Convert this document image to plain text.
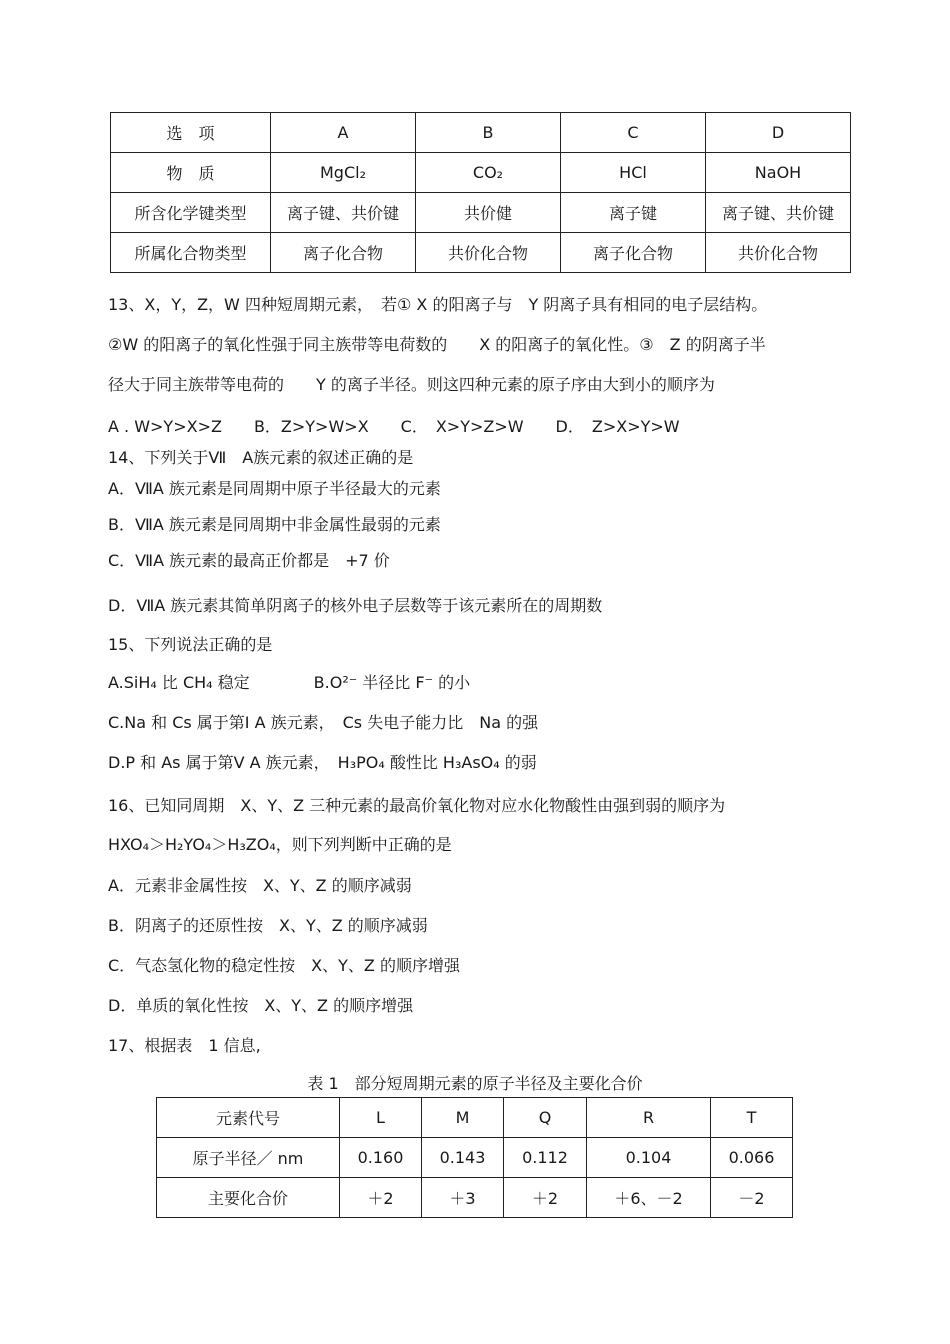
选　项	A	B	C	D
物　质	MgCl₂	CO₂	HCl	NaOH
所含化学键类型	离子键、共价键	共价健	离子键	离子键、共价键
所属化合物类型	离子化合物	共价化合物	离子化合物	共价化合物
13、X，Y，Z，W 四种短周期元素，　若① X 的阳离子与　Y 阴离子具有相同的电子层结构。
②W 的阳离子的氧化性强于同主族带等电荷数的　　X 的阳离子的氧化性。③　Z 的阴离子半
径大于同主族带等电荷的　　Y 的离子半径。则这四种元素的原子序由大到小的顺序为
A . W>Y>X>Z　　B．Z>Y>W>X　　C．　X>Y>Z>W　　D．　Z>X>Y>W
14、下列关于Ⅶ　A族元素的叙述正确的是
A．ⅦA 族元素是同周期中原子半径最大的元素
B．ⅦA 族元素是同周期中非金属性最弱的元素
C．ⅦA 族元素的最高正价都是　+7 价
D．ⅦA 族元素其简单阴离子的核外电子层数等于该元素所在的周期数
15、下列说法正确的是
A.SiH₄ 比 CH₄ 稳定　　　　B.O²⁻ 半径比 F⁻ 的小
C.Na 和 Cs 属于第Ⅰ A 族元素，　Cs 失电子能力比　Na 的强
D.P 和 As 属于第Ⅴ A 族元素，　H₃PO₄ 酸性比 H₃AsO₄ 的弱
16、已知同周期　X、Y、Z 三种元素的最高价氧化物对应水化物酸性由强到弱的顺序为
HXO₄＞H₂YO₄＞H₃ZO₄，则下列判断中正确的是
A．元素非金属性按　X、Y、Z 的顺序减弱
B．阴离子的还原性按　X、Y、Z 的顺序减弱
C．气态氢化物的稳定性按　X、Y、Z 的顺序增强
D．单质的氧化性按　X、Y、Z 的顺序增强
17、根据表　1 信息,
表 1　部分短周期元素的原子半径及主要化合价
元素代号	L	M	Q	R	T
原子半径／ nm	0.160	0.143	0.112	0.104	0.066
主要化合价	＋2	＋3	＋2	＋6、－2	－2
